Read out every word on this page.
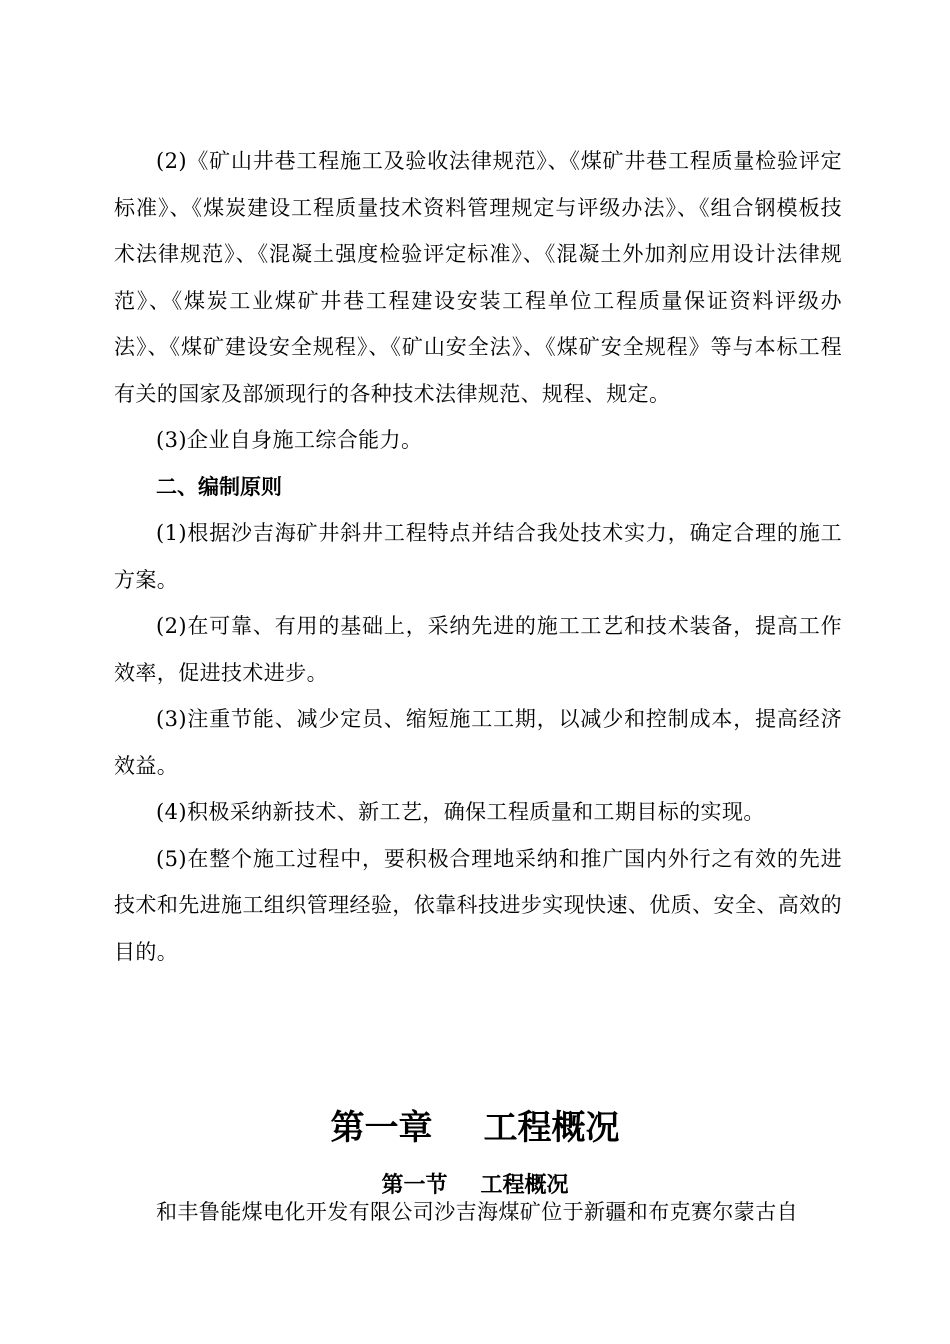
(2)《矿山井巷工程施工及验收法律规范》、《煤矿井巷工程质量检验评定标准》、《煤炭建设工程质量技术资料管理规定与评级办法》、《组合钢模板技术法律规范》、《混凝土强度检验评定标准》、《混凝土外加剂应用设计法律规范》、《煤炭工业煤矿井巷工程建设安装工程单位工程质量保证资料评级办法》、《煤矿建设安全规程》、《矿山安全法》、《煤矿安全规程》等与本标工程有关的国家及部颁现行的各种技术法律规范、规程、规定。

(3)企业自身施工综合能力。

二、编制原则

(1)根据沙吉海矿井斜井工程特点并结合我处技术实力，确定合理的施工方案。

(2)在可靠、有用的基础上，采纳先进的施工工艺和技术装备，提高工作效率，促进技术进步。

(3)注重节能、减少定员、缩短施工工期，以减少和控制成本，提高经济效益。

(4)积极采纳新技术、新工艺，确保工程质量和工期目标的实现。

(5)在整个施工过程中，要积极合理地采纳和推广国内外行之有效的先进技术和先进施工组织管理经验，依靠科技进步实现快速、优质、安全、高效的目的。

第一章 工程概况
第一节 工程概况
和丰鲁能煤电化开发有限公司沙吉海煤矿位于新疆和布克赛尔蒙古自
